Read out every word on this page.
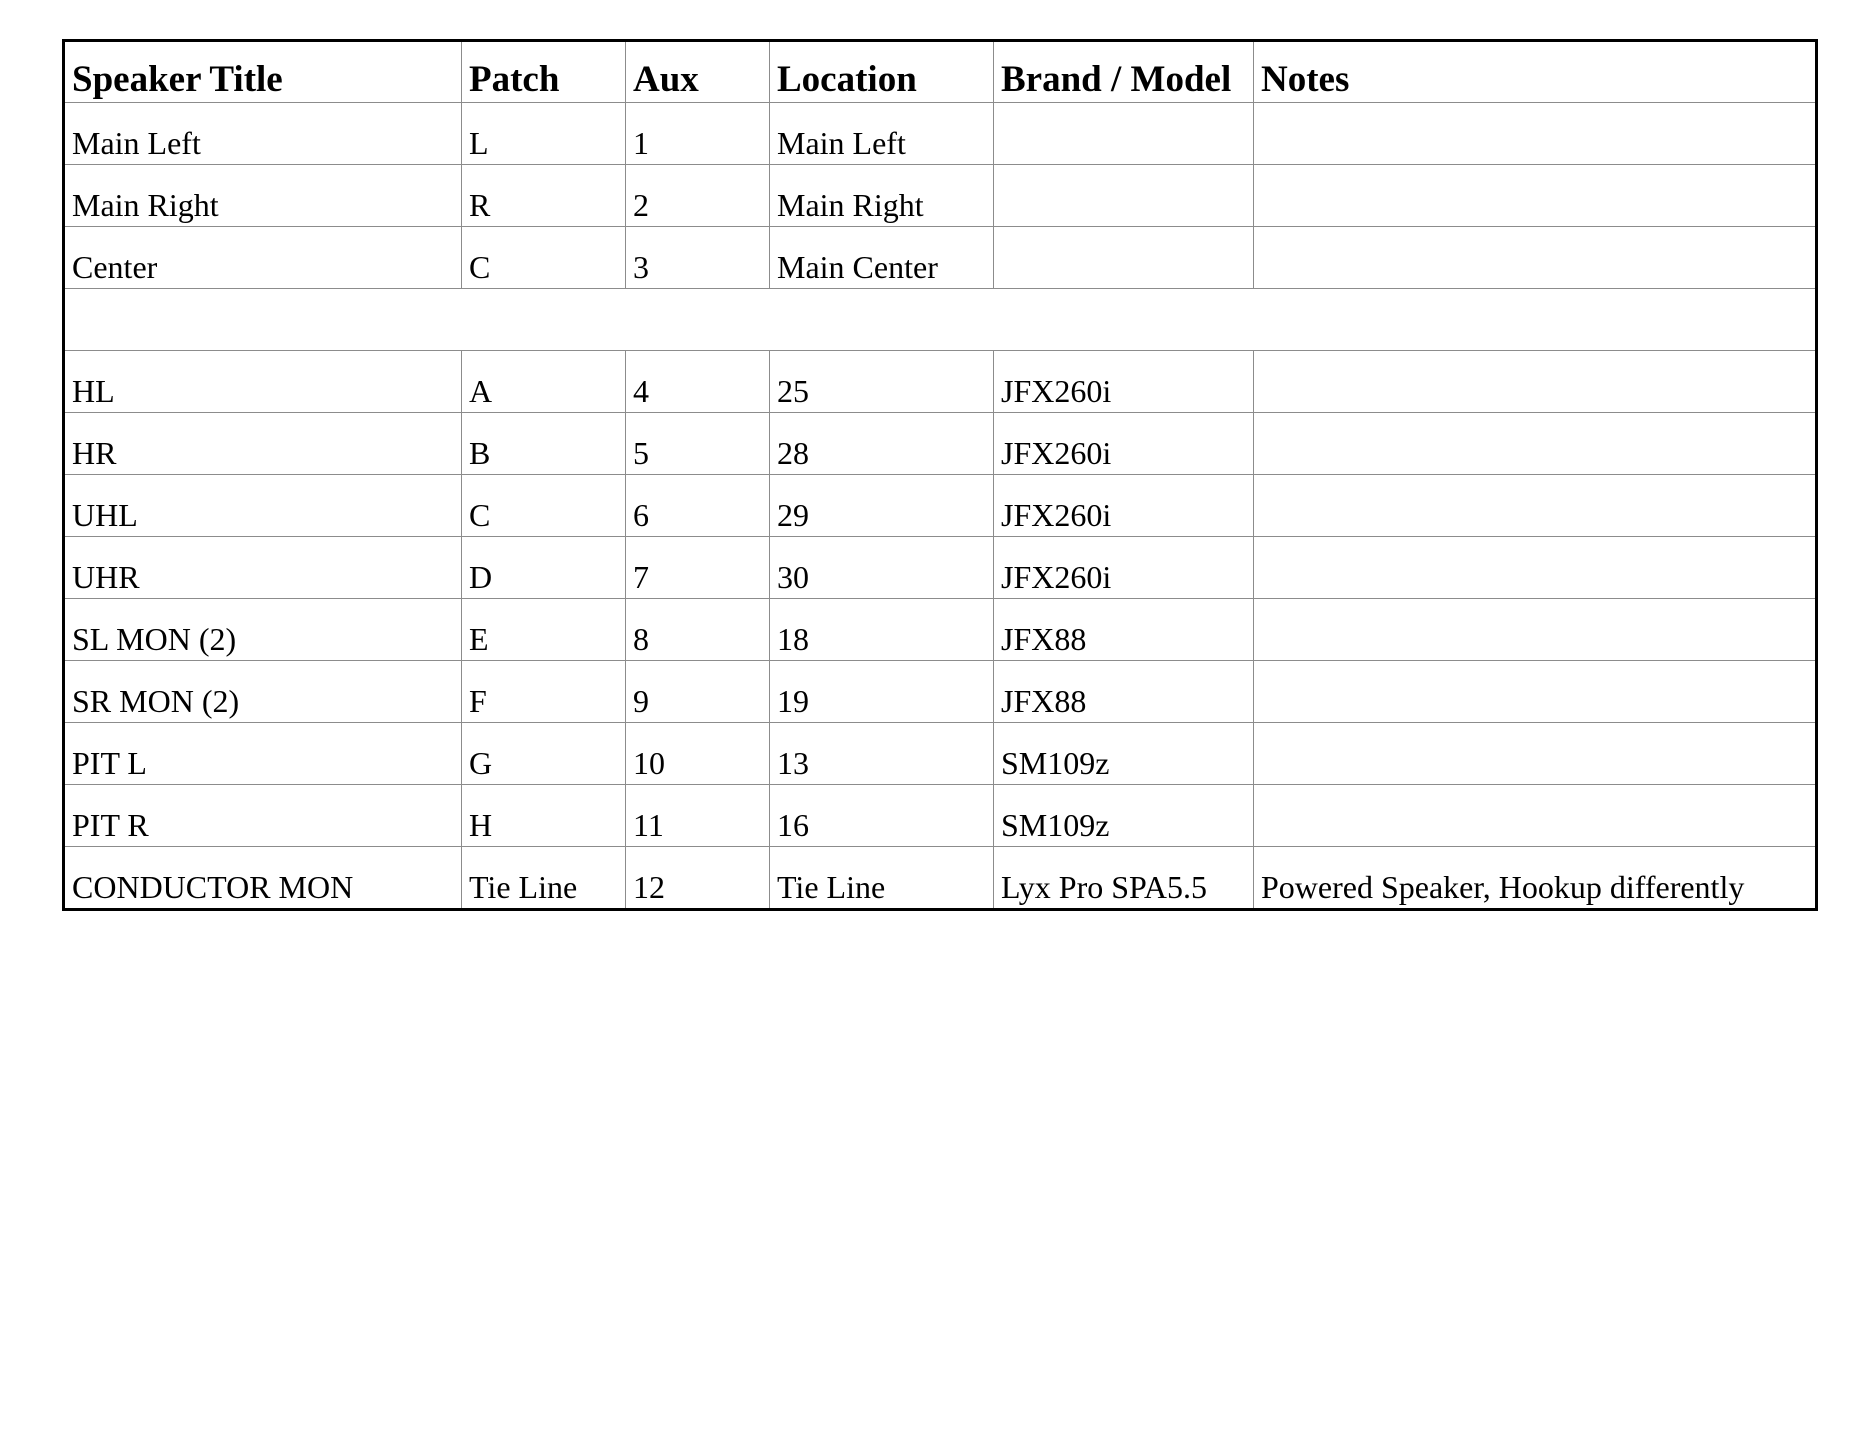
Speaker Title	Patch	Aux	Location	Brand / Model	Notes
Main Left	L	1	Main Left		
Main Right	R	2	Main Right		
Center	C	3	Main Center		

HL	A	4	25	JFX260i	
HR	B	5	28	JFX260i	
UHL	C	6	29	JFX260i	
UHR	D	7	30	JFX260i	
SL MON (2)	E	8	18	JFX88	
SR MON (2)	F	9	19	JFX88	
PIT L	G	10	13	SM109z	
PIT R	H	11	16	SM109z	
CONDUCTOR MON	Tie Line	12	Tie Line	Lyx Pro SPA5.5	Powered Speaker, Hookup differently
